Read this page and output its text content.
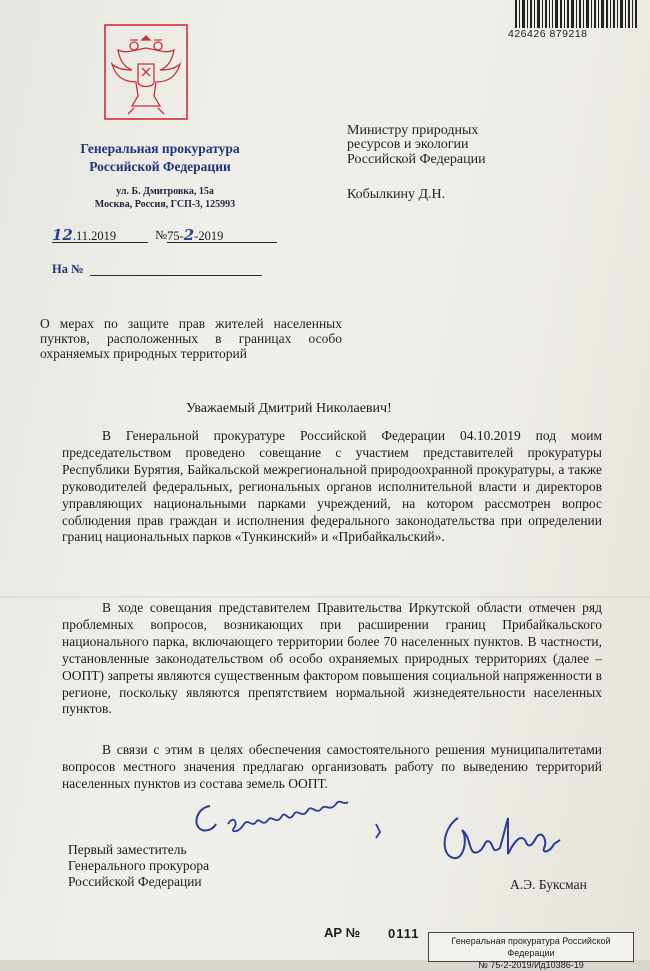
426426 879218
Генеральная прокуратура
Российской Федерации
ул. Б. Дмитровка, 15а
Москва, Россия, ГСП-3, 125993
12.11.2019	№75-2-2019
На №
Министру природных
ресурсов и экологии
Российской Федерации
Кобылкину Д.Н.
О мерах по защите прав жителей населенных пунктов, расположенных в границах особо охраняемых природных территорий
Уважаемый Дмитрий Николаевич!
В Генеральной прокуратуре Российской Федерации 04.10.2019 под моим председательством проведено совещание с участием представителей прокуратуры Республики Бурятия, Байкальской межрегиональной природоохранной прокуратуры, а также руководителей федеральных, региональных органов исполнительной власти и директоров управляющих национальными парками учреждений, на котором рассмотрен вопрос соблюдения прав граждан и исполнения федерального законодательства при определении границ национальных парков «Тункинский» и «Прибайкальский».
В ходе совещания представителем Правительства Иркутской области отмечен ряд проблемных вопросов, возникающих при расширении границ Прибайкальского национального парка, включающего территории более 70 населенных пунктов. В частности, установленные законодательством об особо охраняемых природных территориях (далее – ООПТ) запреты являются существенным фактором повышения социальной напряженности в регионе, поскольку являются препятствием нормальной жизнедеятельности населенных пунктов.
В связи с этим в целях обеспечения самостоятельного решения муниципалитетами вопросов местного значения предлагаю организовать работу по выведению территорий населенных пунктов из состава земель ООПТ.
Первый заместитель
Генерального прокурора
Российской Федерации	А.Э. Буксман
АР № 0111	Генеральная прокуратура Российской Федерации
№ 75-2-2019/Ид10386-19
